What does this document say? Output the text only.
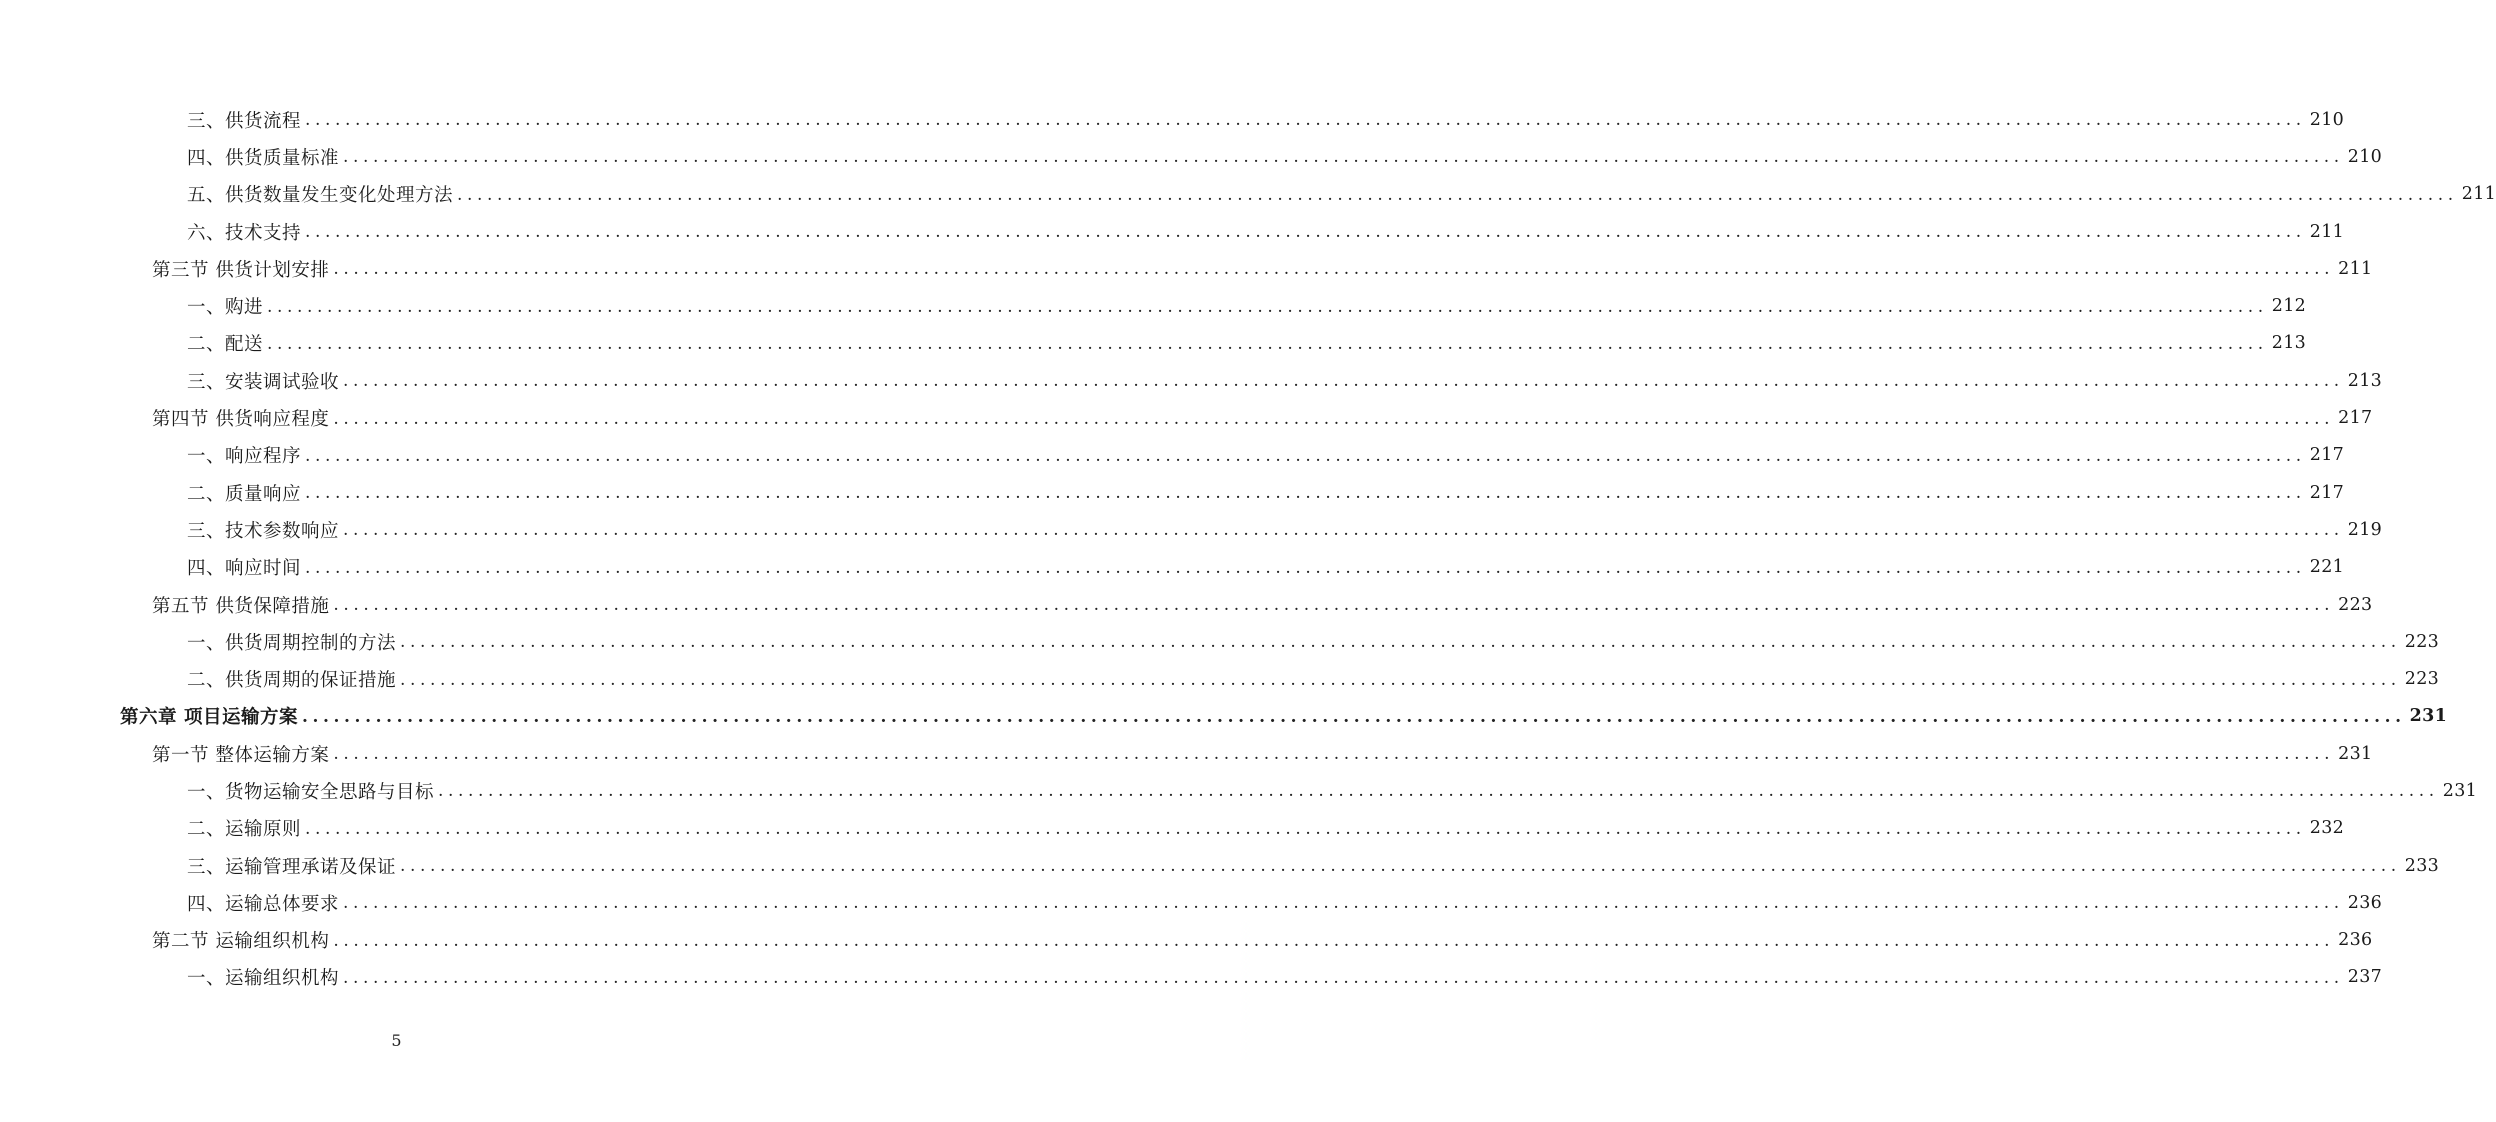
三、供货流程 ........................................................................................................................................................................................................ 210
四、供货质量标准 ........................................................................................................................................................................................................ 210
五、供货数量发生变化处理方法 ........................................................................................................................................................................................................ 211
六、技术支持 ........................................................................................................................................................................................................ 211
第三节 供货计划安排 ........................................................................................................................................................................................................ 211
一、购进 ........................................................................................................................................................................................................ 212
二、配送 ........................................................................................................................................................................................................ 213
三、安装调试验收 ........................................................................................................................................................................................................ 213
第四节 供货响应程度 ........................................................................................................................................................................................................ 217
一、响应程序 ........................................................................................................................................................................................................ 217
二、质量响应 ........................................................................................................................................................................................................ 217
三、技术参数响应 ........................................................................................................................................................................................................ 219
四、响应时间 ........................................................................................................................................................................................................ 221
第五节 供货保障措施 ........................................................................................................................................................................................................ 223
一、供货周期控制的方法 ........................................................................................................................................................................................................ 223
二、供货周期的保证措施 ........................................................................................................................................................................................................ 223
第六章 项目运输方案 ........................................................................................................................................................................................................ 231
第一节 整体运输方案 ........................................................................................................................................................................................................ 231
一、货物运输安全思路与目标 ........................................................................................................................................................................................................ 231
二、运输原则 ........................................................................................................................................................................................................ 232
三、运输管理承诺及保证 ........................................................................................................................................................................................................ 233
四、运输总体要求 ........................................................................................................................................................................................................ 236
第二节 运输组织机构 ........................................................................................................................................................................................................ 236
一、运输组织机构 ........................................................................................................................................................................................................ 237
5
